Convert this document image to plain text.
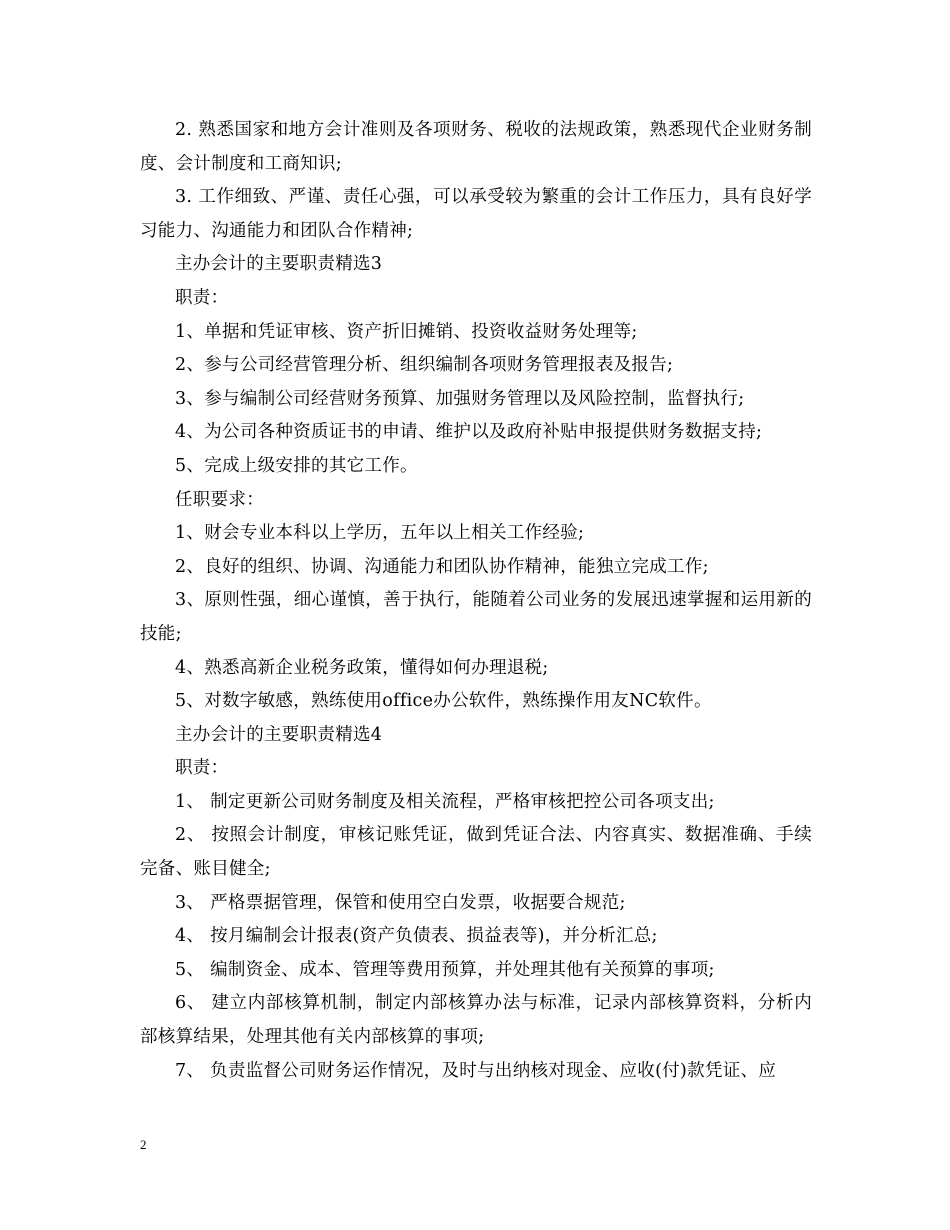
2. 熟悉国家和地方会计准则及各项财务、税收的法规政策，熟悉现代企业财务制度、会计制度和工商知识;

3. 工作细致、严谨、责任心强，可以承受较为繁重的会计工作压力，具有良好学习能力、沟通能力和团队合作精神;

主办会计的主要职责精选3

职责：

1、单据和凭证审核、资产折旧摊销、投资收益财务处理等;

2、参与公司经营管理分析、组织编制各项财务管理报表及报告;

3、参与编制公司经营财务预算、加强财务管理以及风险控制，监督执行;

4、为公司各种资质证书的申请、维护以及政府补贴申报提供财务数据支持;

5、完成上级安排的其它工作。

任职要求：

1、财会专业本科以上学历，五年以上相关工作经验;

2、良好的组织、协调、沟通能力和团队协作精神，能独立完成工作;

3、原则性强，细心谨慎，善于执行，能随着公司业务的发展迅速掌握和运用新的技能;

4、熟悉高新企业税务政策，懂得如何办理退税;

5、对数字敏感，熟练使用office办公软件，熟练操作用友NC软件。

主办会计的主要职责精选4

职责：

1、 制定更新公司财务制度及相关流程，严格审核把控公司各项支出;

2、 按照会计制度，审核记账凭证，做到凭证合法、内容真实、数据准确、手续完备、账目健全;

3、 严格票据管理，保管和使用空白发票，收据要合规范;

4、 按月编制会计报表(资产负债表、损益表等)，并分析汇总;

5、 编制资金、成本、管理等费用预算，并处理其他有关预算的事项;

6、 建立内部核算机制，制定内部核算办法与标准，记录内部核算资料，分析内部核算结果，处理其他有关内部核算的事项;

7、 负责监督公司财务运作情况，及时与出纳核对现金、应收(付)款凭证、应

2
